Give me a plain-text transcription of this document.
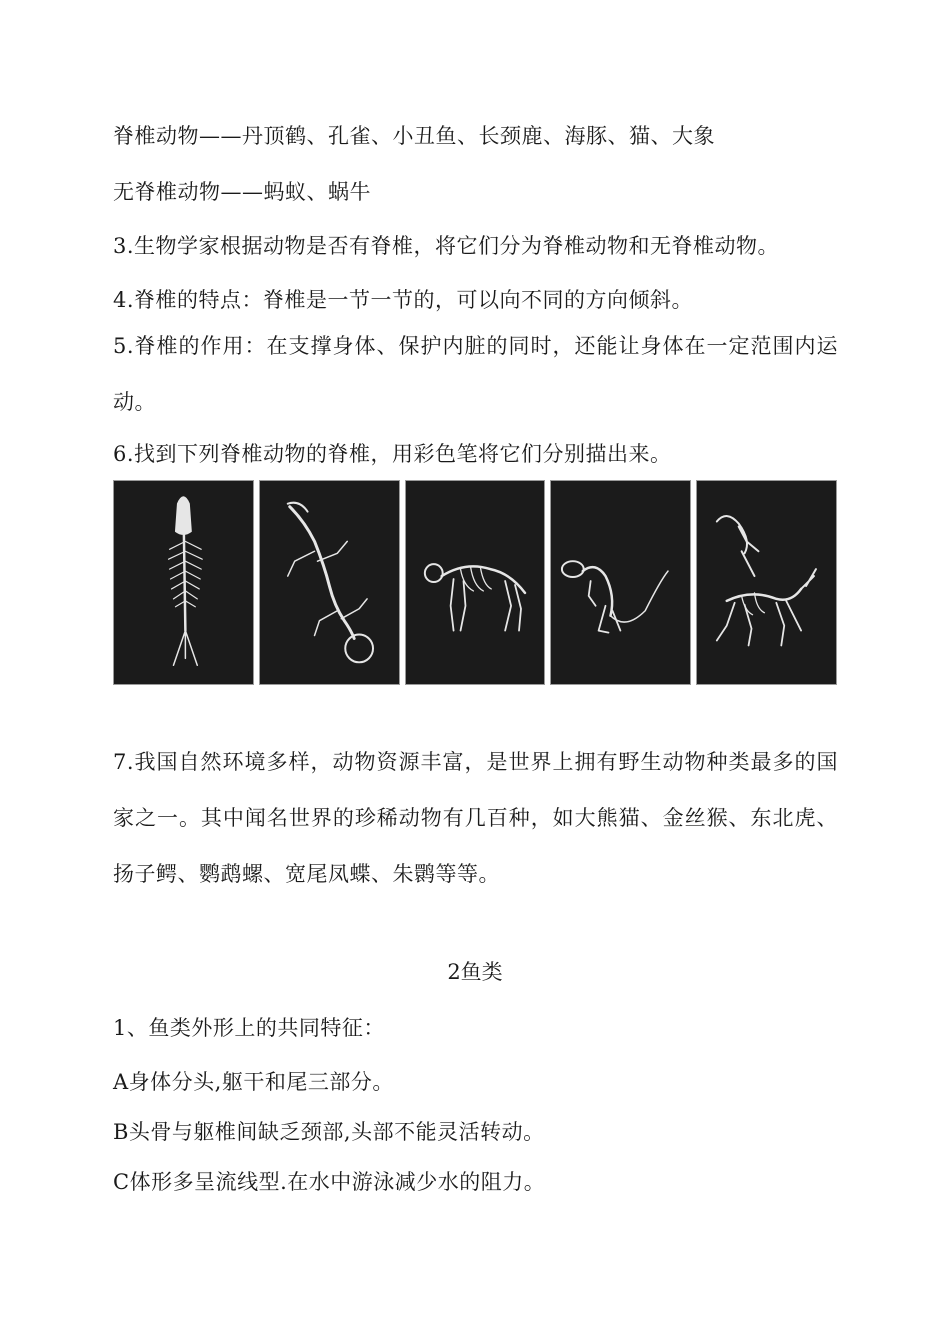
脊椎动物——丹顶鹤、孔雀、小丑鱼、长颈鹿、海豚、猫、大象
无脊椎动物——蚂蚁、蜗牛
3.生物学家根据动物是否有脊椎，将它们分为脊椎动物和无脊椎动物。
4.脊椎的特点：脊椎是一节一节的，可以向不同的方向倾斜。
5.脊椎的作用：在支撑身体、保护内脏的同时，还能让身体在一定范围内运动。
6.找到下列脊椎动物的脊椎，用彩色笔将它们分别描出来。
7.我国自然环境多样，动物资源丰富，是世界上拥有野生动物种类最多的国家之一。其中闻名世界的珍稀动物有几百种，如大熊猫、金丝猴、东北虎、扬子鳄、鹦鹉螺、宽尾凤蝶、朱鹮等等。
2鱼类
1、鱼类外形上的共同特征：
A身体分头,躯干和尾三部分。
B头骨与躯椎间缺乏颈部,头部不能灵活转动。
C体形多呈流线型.在水中游泳减少水的阻力。
